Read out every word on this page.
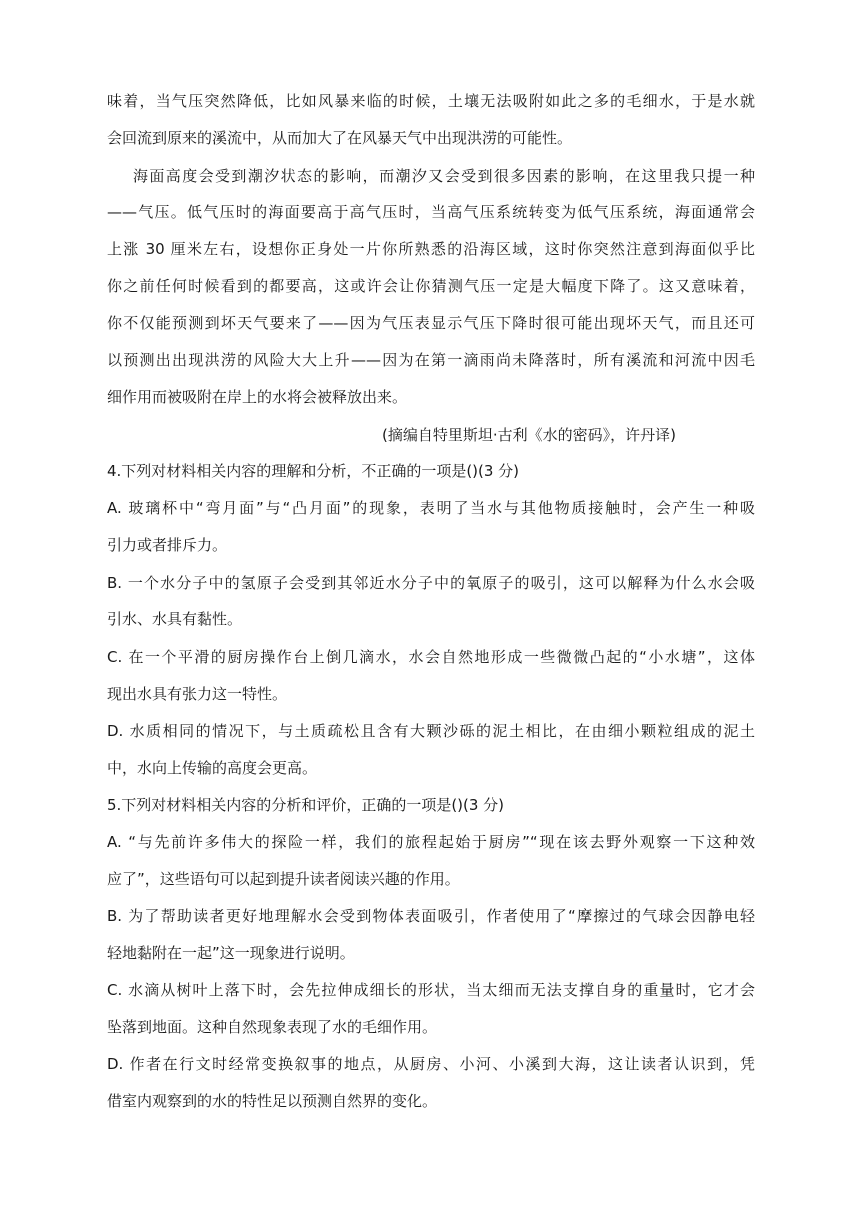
味着，当气压突然降低，比如风暴来临的时候，土壤无法吸附如此之多的毛细水，于是水就
会回流到原来的溪流中，从而加大了在风暴天气中出现洪涝的可能性。
海面高度会受到潮汐状态的影响，而潮汐又会受到很多因素的影响，在这里我只提一种
——气压。低气压时的海面要高于高气压时，当高气压系统转变为低气压系统，海面通常会
上涨 30 厘米左右，设想你正身处一片你所熟悉的沿海区域，这时你突然注意到海面似乎比
你之前任何时候看到的都要高，这或许会让你猜测气压一定是大幅度下降了。这又意味着，
你不仅能预测到坏天气要来了——因为气压表显示气压下降时很可能出现坏天气，而且还可
以预测出出现洪涝的风险大大上升——因为在第一滴雨尚未降落时，所有溪流和河流中因毛
细作用而被吸附在岸上的水将会被释放出来。
(摘编自特里斯坦·古利《水的密码》，许丹译)
4.下列对材料相关内容的理解和分析，不正确的一项是()(3 分)
A. 玻璃杯中“弯月面”与“凸月面”的现象，表明了当水与其他物质接触时，会产生一种吸
引力或者排斥力。
B. 一个水分子中的氢原子会受到其邻近水分子中的氧原子的吸引，这可以解释为什么水会吸
引水、水具有黏性。
C. 在一个平滑的厨房操作台上倒几滴水，水会自然地形成一些微微凸起的“小水塘”，这体
现出水具有张力这一特性。
D. 水质相同的情况下，与土质疏松且含有大颗沙砾的泥土相比，在由细小颗粒组成的泥土
中，水向上传输的高度会更高。
5.下列对材料相关内容的分析和评价，正确的一项是()(3 分)
A. “与先前许多伟大的探险一样，我们的旅程起始于厨房”“现在该去野外观察一下这种效
应了”，这些语句可以起到提升读者阅读兴趣的作用。
B. 为了帮助读者更好地理解水会受到物体表面吸引，作者使用了“摩擦过的气球会因静电轻
轻地黏附在一起”这一现象进行说明。
C. 水滴从树叶上落下时，会先拉伸成细长的形状，当太细而无法支撑自身的重量时，它才会
坠落到地面。这种自然现象表现了水的毛细作用。
D. 作者在行文时经常变换叙事的地点，从厨房、小河、小溪到大海，这让读者认识到，凭
借室内观察到的水的特性足以预测自然界的变化。
